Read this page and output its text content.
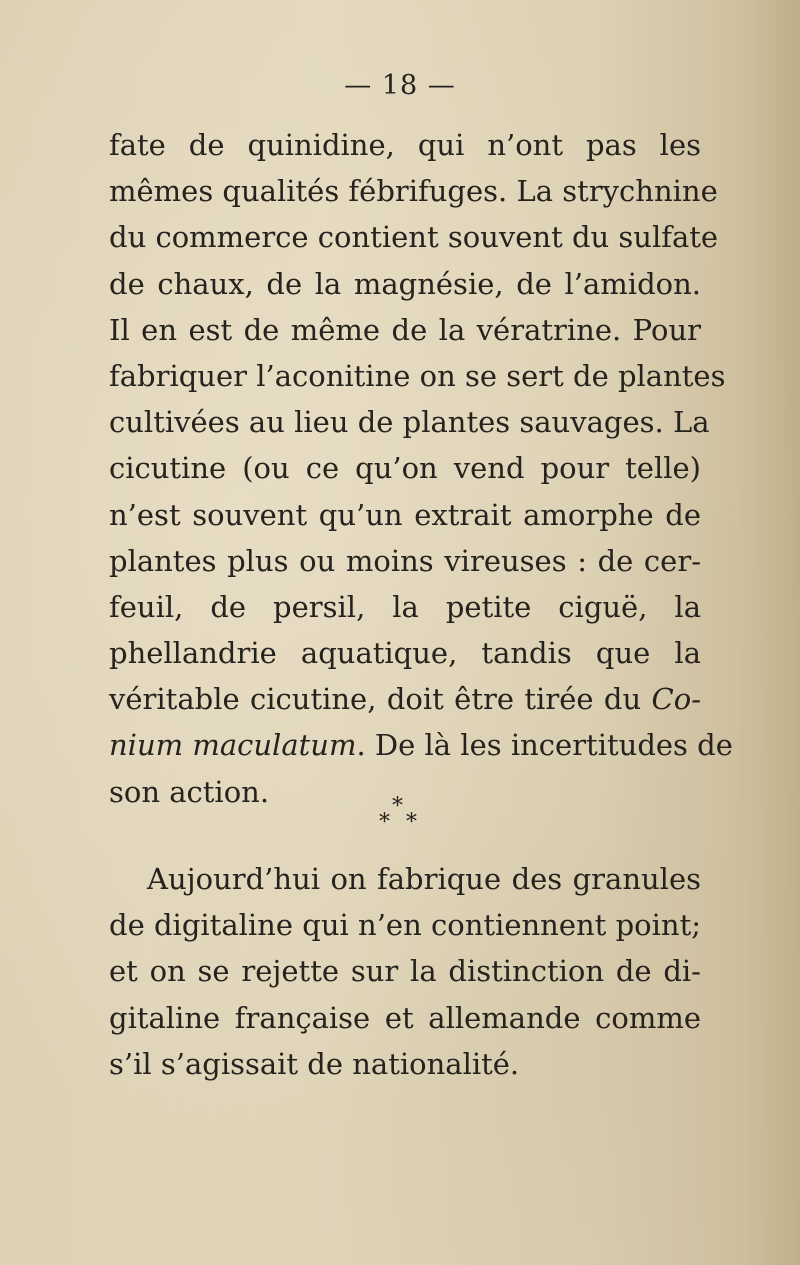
— 18 —
fate de quinidine, qui n’ont pas les
mêmes qualités fébrifuges. La strychnine
du commerce contient souvent du sulfate
de chaux, de la magnésie, de l’amidon.
Il en est de même de la vératrine. Pour
fabriquer l’aconitine on se sert de plantes
cultivées au lieu de plantes sauvages. La
cicutine (ou ce qu’on vend pour telle)
n’est souvent qu’un extrait amorphe de
plantes plus ou moins vireuses : de cer-
feuil, de persil, la petite ciguë, la
phellandrie aquatique, tandis que la
véritable cicutine, doit être tirée du Co-
nium maculatum. De là les incertitudes de
son action.	*
* *
Aujourd’hui on fabrique des granules
de digitaline qui n’en contiennent point;
et on se rejette sur la distinction de di-
gitaline française et allemande comme
s’il s’agissait de nationalité.
